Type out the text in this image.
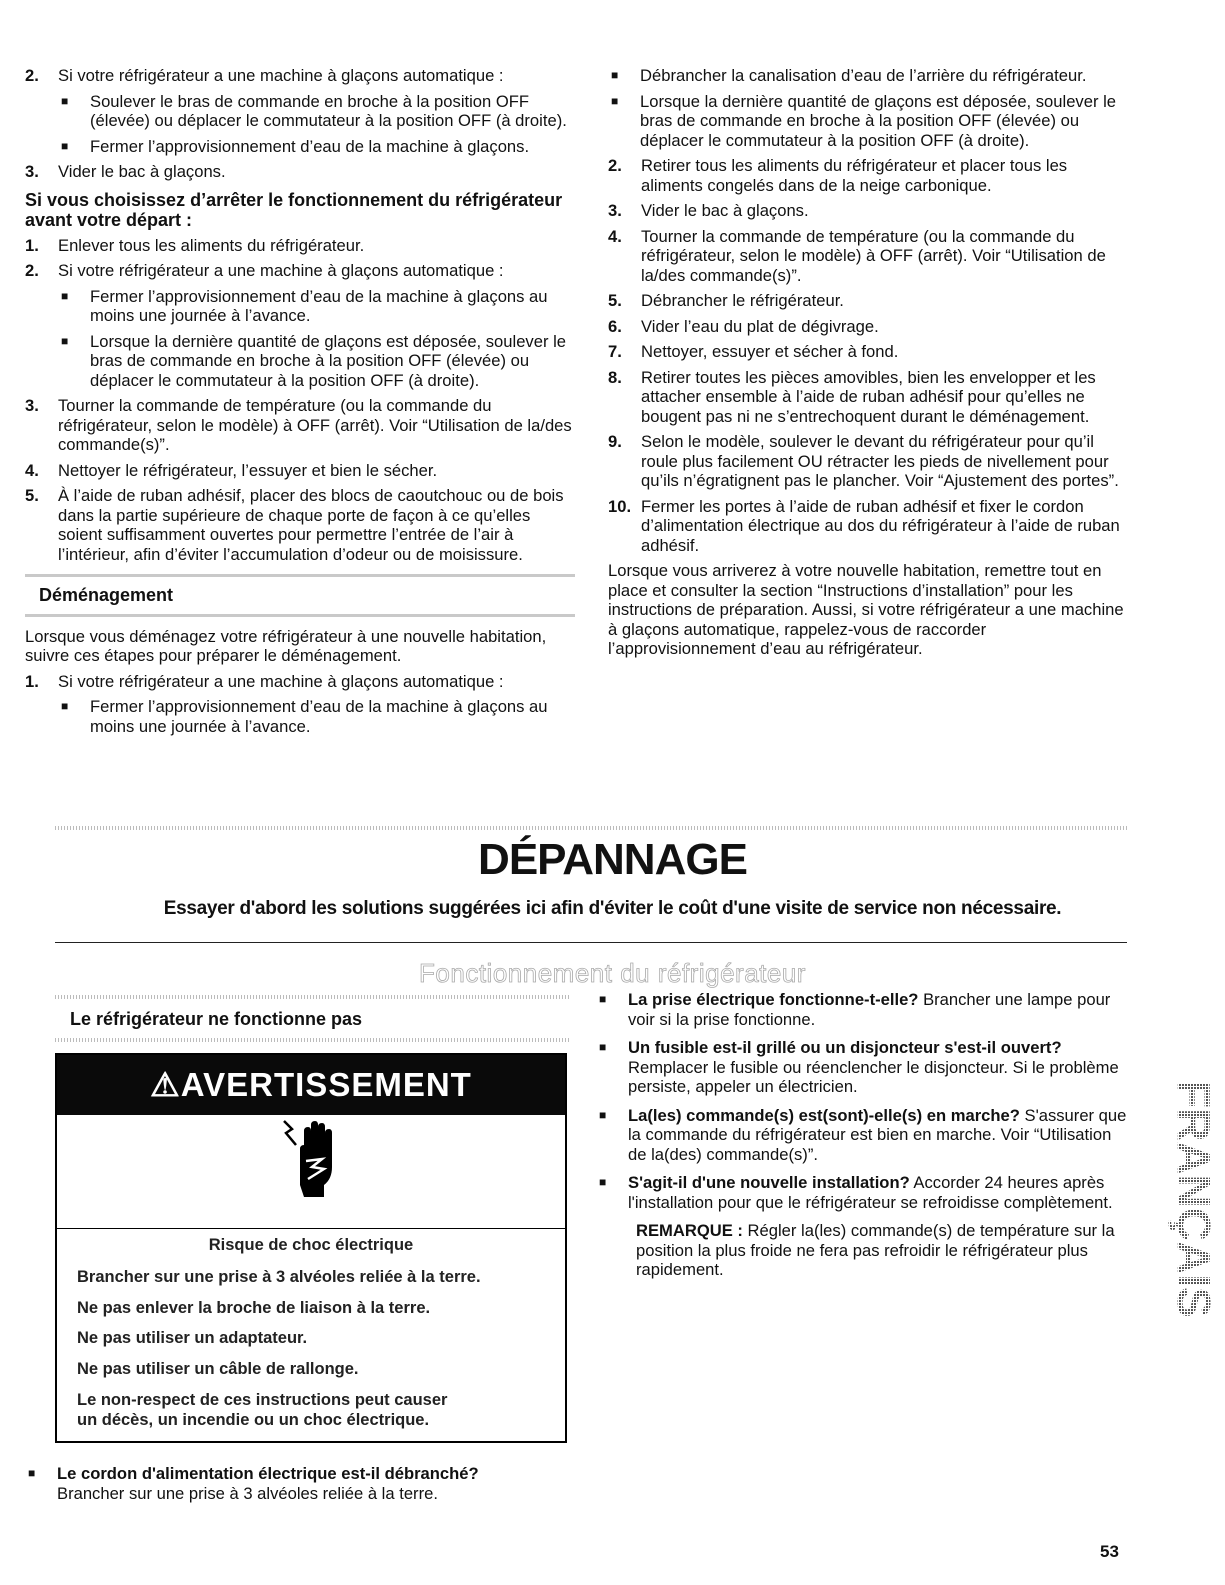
2. Si votre réfrigérateur a une machine à glaçons automatique :
■ Soulever le bras de commande en broche à la position OFF (élevée) ou déplacer le commutateur à la position OFF (à droite).
■ Fermer l’approvisionnement d’eau de la machine à glaçons.
3. Vider le bac à glaçons.
Si vous choisissez d’arrêter le fonctionnement du réfrigérateur avant votre départ :
1. Enlever tous les aliments du réfrigérateur.
2. Si votre réfrigérateur a une machine à glaçons automatique :
■ Fermer l’approvisionnement d’eau de la machine à glaçons au moins une journée à l’avance.
■ Lorsque la dernière quantité de glaçons est déposée, soulever le bras de commande en broche à la position OFF (élevée) ou déplacer le commutateur à la position OFF (à droite).
3. Tourner la commande de température (ou la commande du réfrigérateur, selon le modèle) à OFF (arrêt). Voir “Utilisation de la/des commande(s)”.
4. Nettoyer le réfrigérateur, l’essuyer et bien le sécher.
5. À l’aide de ruban adhésif, placer des blocs de caoutchouc ou de bois dans la partie supérieure de chaque porte de façon à ce qu’elles soient suffisamment ouvertes pour permettre l’entrée de l’air à l’intérieur, afin d’éviter l’accumulation d’odeur ou de moisissure.
Déménagement
Lorsque vous déménagez votre réfrigérateur à une nouvelle habitation, suivre ces étapes pour préparer le déménagement.
1. Si votre réfrigérateur a une machine à glaçons automatique :
■ Fermer l’approvisionnement d’eau de la machine à glaçons au moins une journée à l’avance.
■ Débrancher la canalisation d’eau de l’arrière du réfrigérateur.
■ Lorsque la dernière quantité de glaçons est déposée, soulever le bras de commande en broche à la position OFF (élevée) ou déplacer le commutateur à la position OFF (à droite).
2. Retirer tous les aliments du réfrigérateur et placer tous les aliments congelés dans de la neige carbonique.
3. Vider le bac à glaçons.
4. Tourner la commande de température (ou la commande du réfrigérateur, selon le modèle) à OFF (arrêt). Voir “Utilisation de la/des commande(s)”.
5. Débrancher le réfrigérateur.
6. Vider l’eau du plat de dégivrage.
7. Nettoyer, essuyer et sécher à fond.
8. Retirer toutes les pièces amovibles, bien les envelopper et les attacher ensemble à l’aide de ruban adhésif pour qu’elles ne bougent pas ni ne s’entrechoquent durant le déménagement.
9. Selon le modèle, soulever le devant du réfrigérateur pour qu’il roule plus facilement OU rétracter les pieds de nivellement pour qu’ils n’égratignent pas le plancher. Voir “Ajustement des portes”.
10. Fermer les portes à l’aide de ruban adhésif et fixer le cordon d’alimentation électrique au dos du réfrigérateur à l’aide de ruban adhésif.
Lorsque vous arriverez à votre nouvelle habitation, remettre tout en place et consulter la section “Instructions d’installation” pour les instructions de préparation. Aussi, si votre réfrigérateur a une machine à glaçons automatique, rappelez-vous de raccorder l’approvisionnement d’eau au réfrigérateur.
DÉPANNAGE
Essayer d'abord les solutions suggérées ici afin d'éviter le coût d'une visite de service non nécessaire.
Fonctionnement du réfrigérateur
Le réfrigérateur ne fonctionne pas
⚠AVERTISSEMENT
Risque de choc électrique
Brancher sur une prise à 3 alvéoles reliée à la terre.
Ne pas enlever la broche de liaison à la terre.
Ne pas utiliser un adaptateur.
Ne pas utiliser un câble de rallonge.
Le non-respect de ces instructions peut causer
un décès, un incendie ou un choc électrique.
■ Le cordon d'alimentation électrique est-il débranché?
Brancher sur une prise à 3 alvéoles reliée à la terre.
■ La prise électrique fonctionne-t-elle? Brancher une lampe pour voir si la prise fonctionne.
■ Un fusible est-il grillé ou un disjoncteur s'est-il ouvert? Remplacer le fusible ou réenclencher le disjoncteur. Si le problème persiste, appeler un électricien.
■ La(les) commande(s) est(sont)-elle(s) en marche? S'assurer que la commande du réfrigérateur est bien en marche. Voir “Utilisation de la(des) commande(s)”.
■ S'agit-il d'une nouvelle installation? Accorder 24 heures après l'installation pour que le réfrigérateur se refroidisse complètement.
REMARQUE : Régler la(les) commande(s) de température sur la position la plus froide ne fera pas refroidir le réfrigérateur plus rapidement.	FRANÇAIS
53
